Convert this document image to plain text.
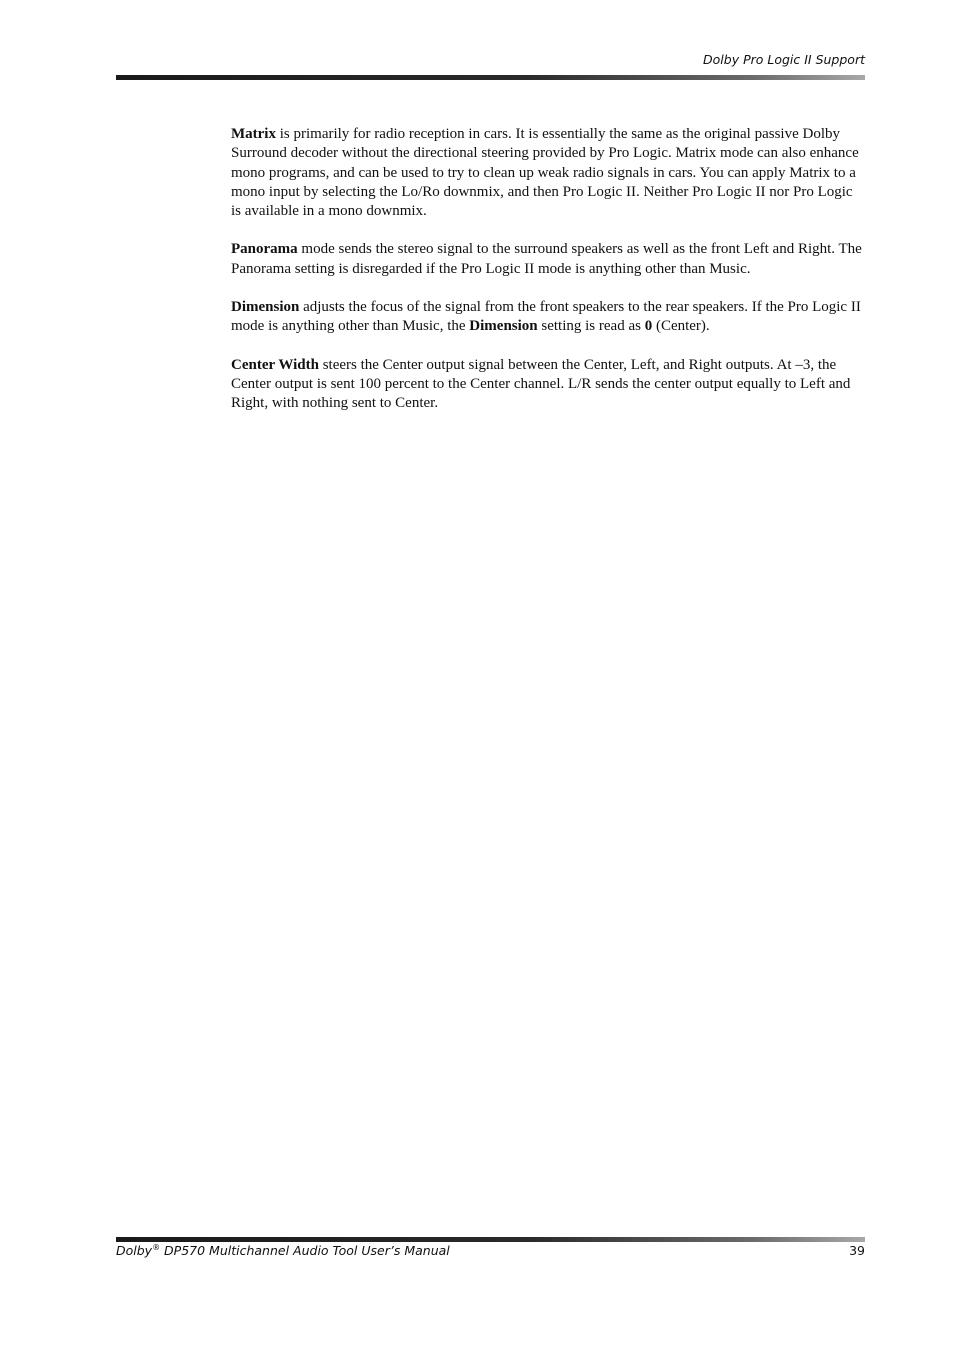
Dolby Pro Logic II Support

Matrix is primarily for radio reception in cars. It is essentially the same as the original passive Dolby Surround decoder without the directional steering provided by Pro Logic. Matrix mode can also enhance mono programs, and can be used to try to clean up weak radio signals in cars. You can apply Matrix to a mono input by selecting the Lo/Ro downmix, and then Pro Logic II. Neither Pro Logic II nor Pro Logic is available in a mono downmix.

Panorama mode sends the stereo signal to the surround speakers as well as the front Left and Right. The Panorama setting is disregarded if the Pro Logic II mode is anything other than Music.

Dimension adjusts the focus of the signal from the front speakers to the rear speakers. If the Pro Logic II mode is anything other than Music, the Dimension setting is read as 0 (Center).

Center Width steers the Center output signal between the Center, Left, and Right outputs. At –3, the Center output is sent 100 percent to the Center channel. L/R sends the center output equally to Left and Right, with nothing sent to Center.

Dolby® DP570 Multichannel Audio Tool User’s Manual	39
